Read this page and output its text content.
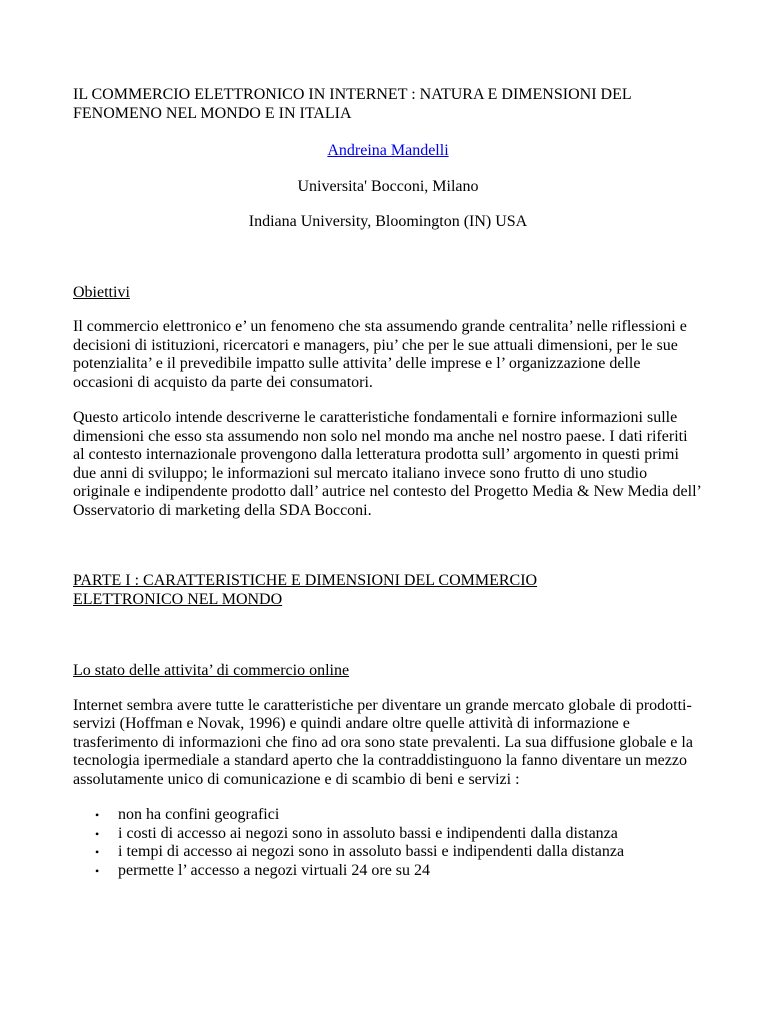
IL COMMERCIO ELETTRONICO IN INTERNET : NATURA E DIMENSIONI DEL
FENOMENO NEL MONDO E IN ITALIA

Andreina Mandelli

Universita' Bocconi, Milano

Indiana University, Bloomington (IN) USA

Obiettivi

Il commercio elettronico e’ un fenomeno che sta assumendo grande centralita’ nelle riflessioni e decisioni di istituzioni, ricercatori e managers, piu’ che per le sue attuali dimensioni, per le sue potenzialita’ e il prevedibile impatto sulle attivita’ delle imprese e l’ organizzazione delle occasioni di acquisto da parte dei consumatori.

Questo articolo intende descriverne le caratteristiche fondamentali e fornire informazioni sulle dimensioni che esso sta assumendo non solo nel mondo ma anche nel nostro paese. I dati riferiti al contesto internazionale provengono dalla letteratura prodotta sull’ argomento in questi primi due anni di sviluppo; le informazioni sul mercato italiano invece sono frutto di uno studio originale e indipendente prodotto dall’ autrice nel contesto del Progetto Media & New Media dell’ Osservatorio di marketing della SDA Bocconi.

PARTE I : CARATTERISTICHE E DIMENSIONI DEL COMMERCIO
ELETTRONICO NEL MONDO

Lo stato delle attivita’ di commercio online

Internet sembra avere tutte le caratteristiche per diventare un grande mercato globale di prodotti-servizi (Hoffman e Novak, 1996) e quindi andare oltre quelle attività di informazione e trasferimento di informazioni che fino ad ora sono state prevalenti. La sua diffusione globale e la tecnologia ipermediale a standard aperto che la contraddistinguono la fanno diventare un mezzo assolutamente unico di comunicazione e di scambio di beni e servizi :

• non ha confini geografici
• i costi di accesso ai negozi sono in assoluto bassi e indipendenti dalla distanza
• i tempi di accesso ai negozi sono in assoluto bassi e indipendenti dalla distanza
• permette l’ accesso a negozi virtuali 24 ore su 24
